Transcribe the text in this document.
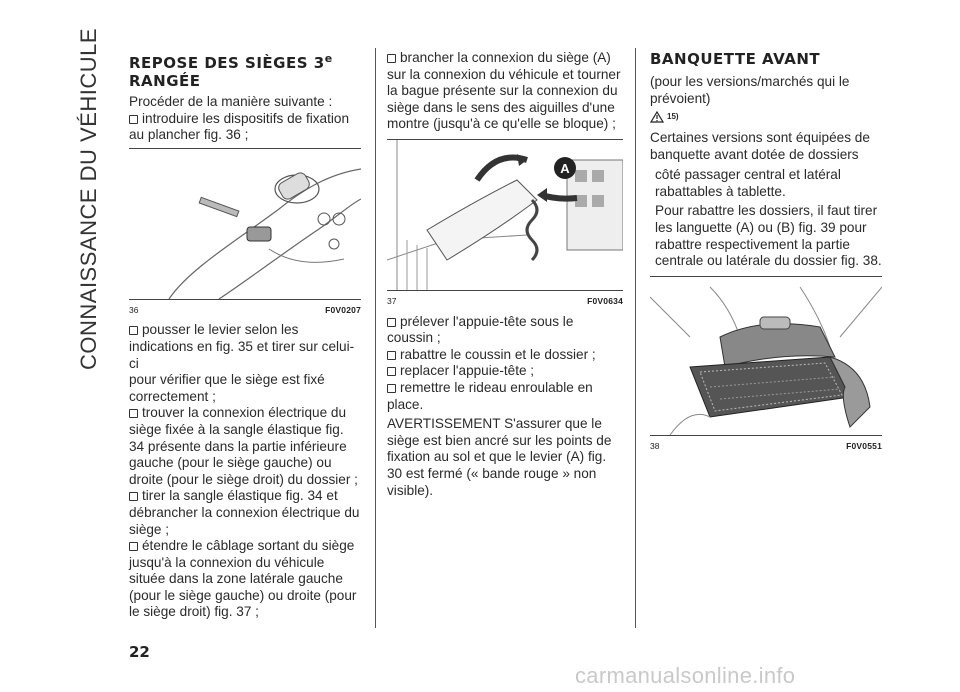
CONNAISSANCE DU VÉHICULE REPOSE DES SIÈGES 3e
RANGÉE

Procéder de la manière suivante :

introduire les dispositifs de fixation au plancher fig. 36 ;

36	F0V0207

pousser le levier selon les indications en fig. 35 et tirer sur celui-ci

pour vérifier que le siège est fixé correctement ;

trouver la connexion électrique du siège fixée à la sangle élastique fig. 34 présente dans la partie inférieure gauche (pour le siège gauche) ou droite (pour le siège droit) du dossier ;

tirer la sangle élastique fig. 34 et débrancher la connexion électrique du siège ;

étendre le câblage sortant du siège jusqu'à la connexion du véhicule située dans la zone latérale gauche (pour le siège gauche) ou droite (pour le siège droit) fig. 37 ;

brancher la connexion du siège (A) sur la connexion du véhicule et tourner la bague présente sur la connexion du siège dans le sens des aiguilles d'une montre (jusqu'à ce qu'elle se bloque) ;

A
37	F0V0634

prélever l'appuie-tête sous le coussin ;

rabattre le coussin et le dossier ;

replacer l'appuie-tête ;

remettre le rideau enroulable en place.

AVERTISSEMENT S'assurer que le siège est bien ancré sur les points de fixation au sol et que le levier (A) fig. 30 est fermé (« bande rouge » non visible).

BANQUETTE AVANT

(pour les versions/marchés qui le prévoient)

15)

Certaines versions sont équipées de banquette avant dotée de dossiers

côté passager central et latéral rabattables à tablette.

Pour rabattre les dossiers, il faut tirer les languette (A) ou (B) fig. 39 pour rabattre respectivement la partie centrale ou latérale du dossier fig. 38.

38	F0V0551
22
carmanualsonline.info
